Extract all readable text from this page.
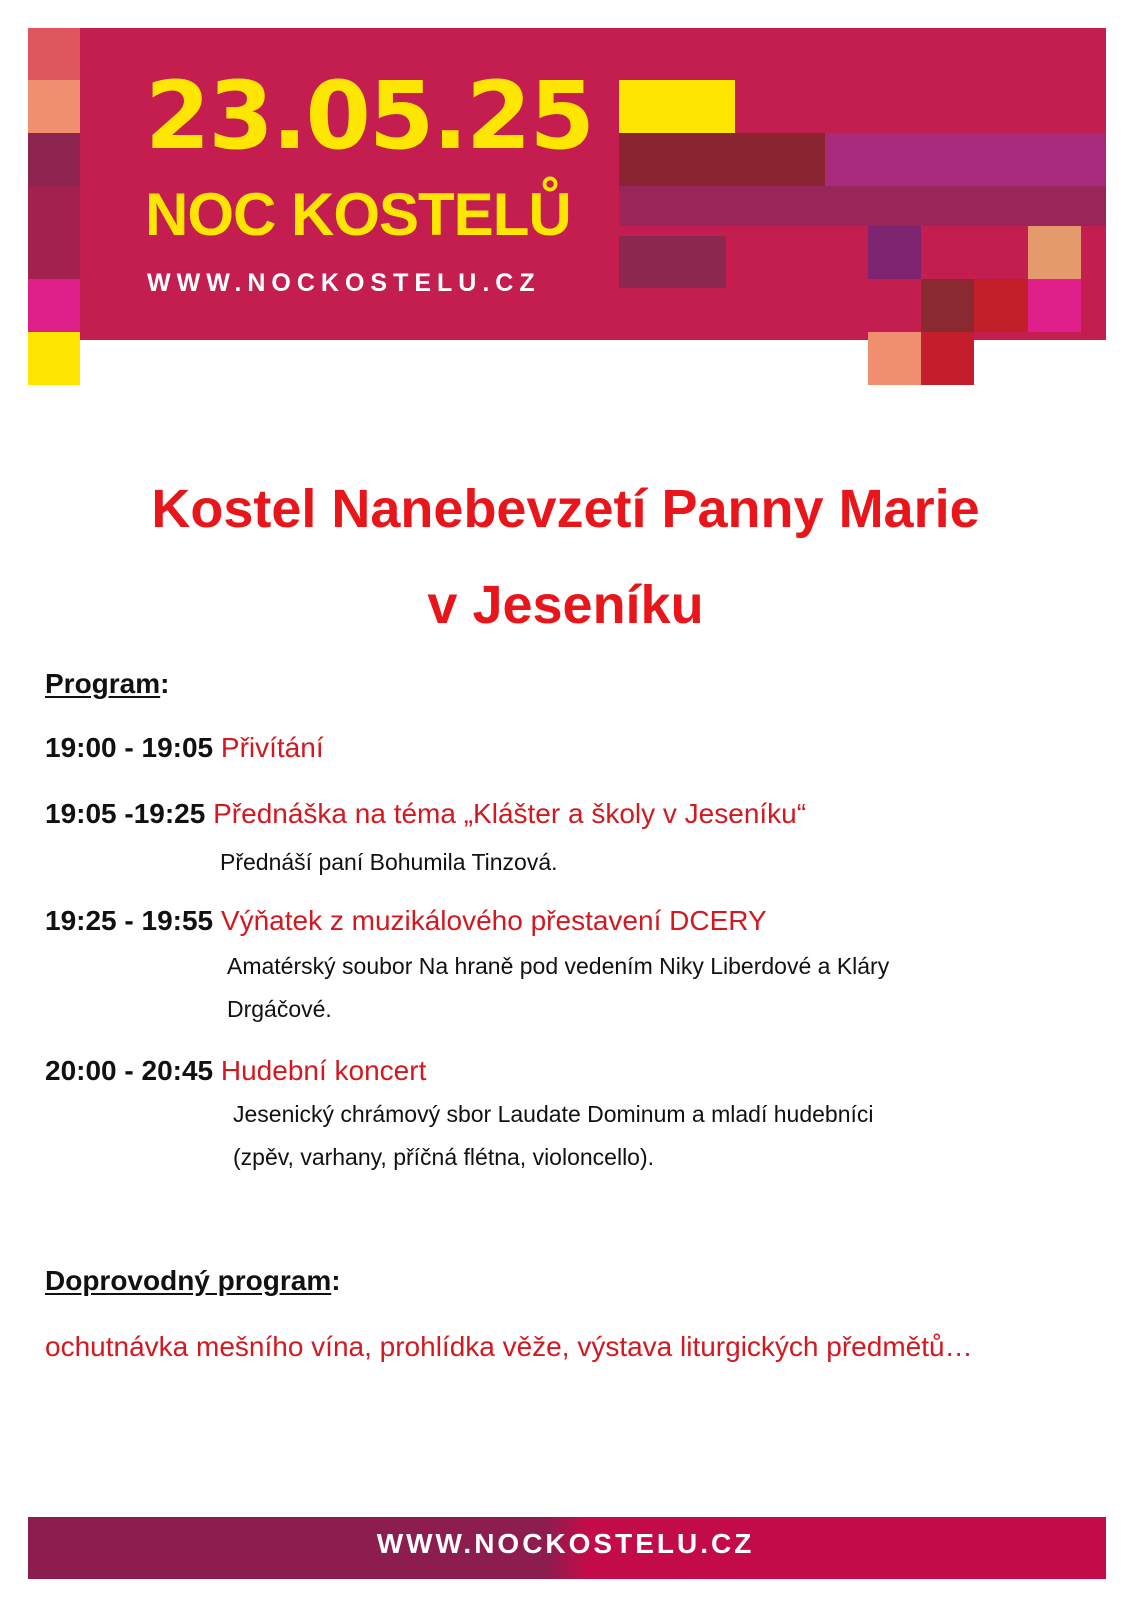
23.05.25
NOC KOSTELŮ
WWW.NOCKOSTELU.CZ
Kostel Nanebevzetí Panny Marie
v Jeseníku
Program:
19:00 - 19:05 Přivítání
19:05 -19:25 Přednáška na téma „Klášter a školy v Jeseníku“
Přednáší paní Bohumila Tinzová.
19:25 - 19:55 Výňatek z muzikálového přestavení DCERY
Amatérský soubor Na hraně pod vedením Niky Liberdové a Kláry
Drgáčové.
20:00 - 20:45 Hudební koncert
Jesenický chrámový sbor Laudate Dominum a mladí hudebníci
(zpěv, varhany, příčná flétna, violoncello).
Doprovodný program:
ochutnávka mešního vína, prohlídka věže, výstava liturgických předmětů…
WWW.NOCKOSTELU.CZ
